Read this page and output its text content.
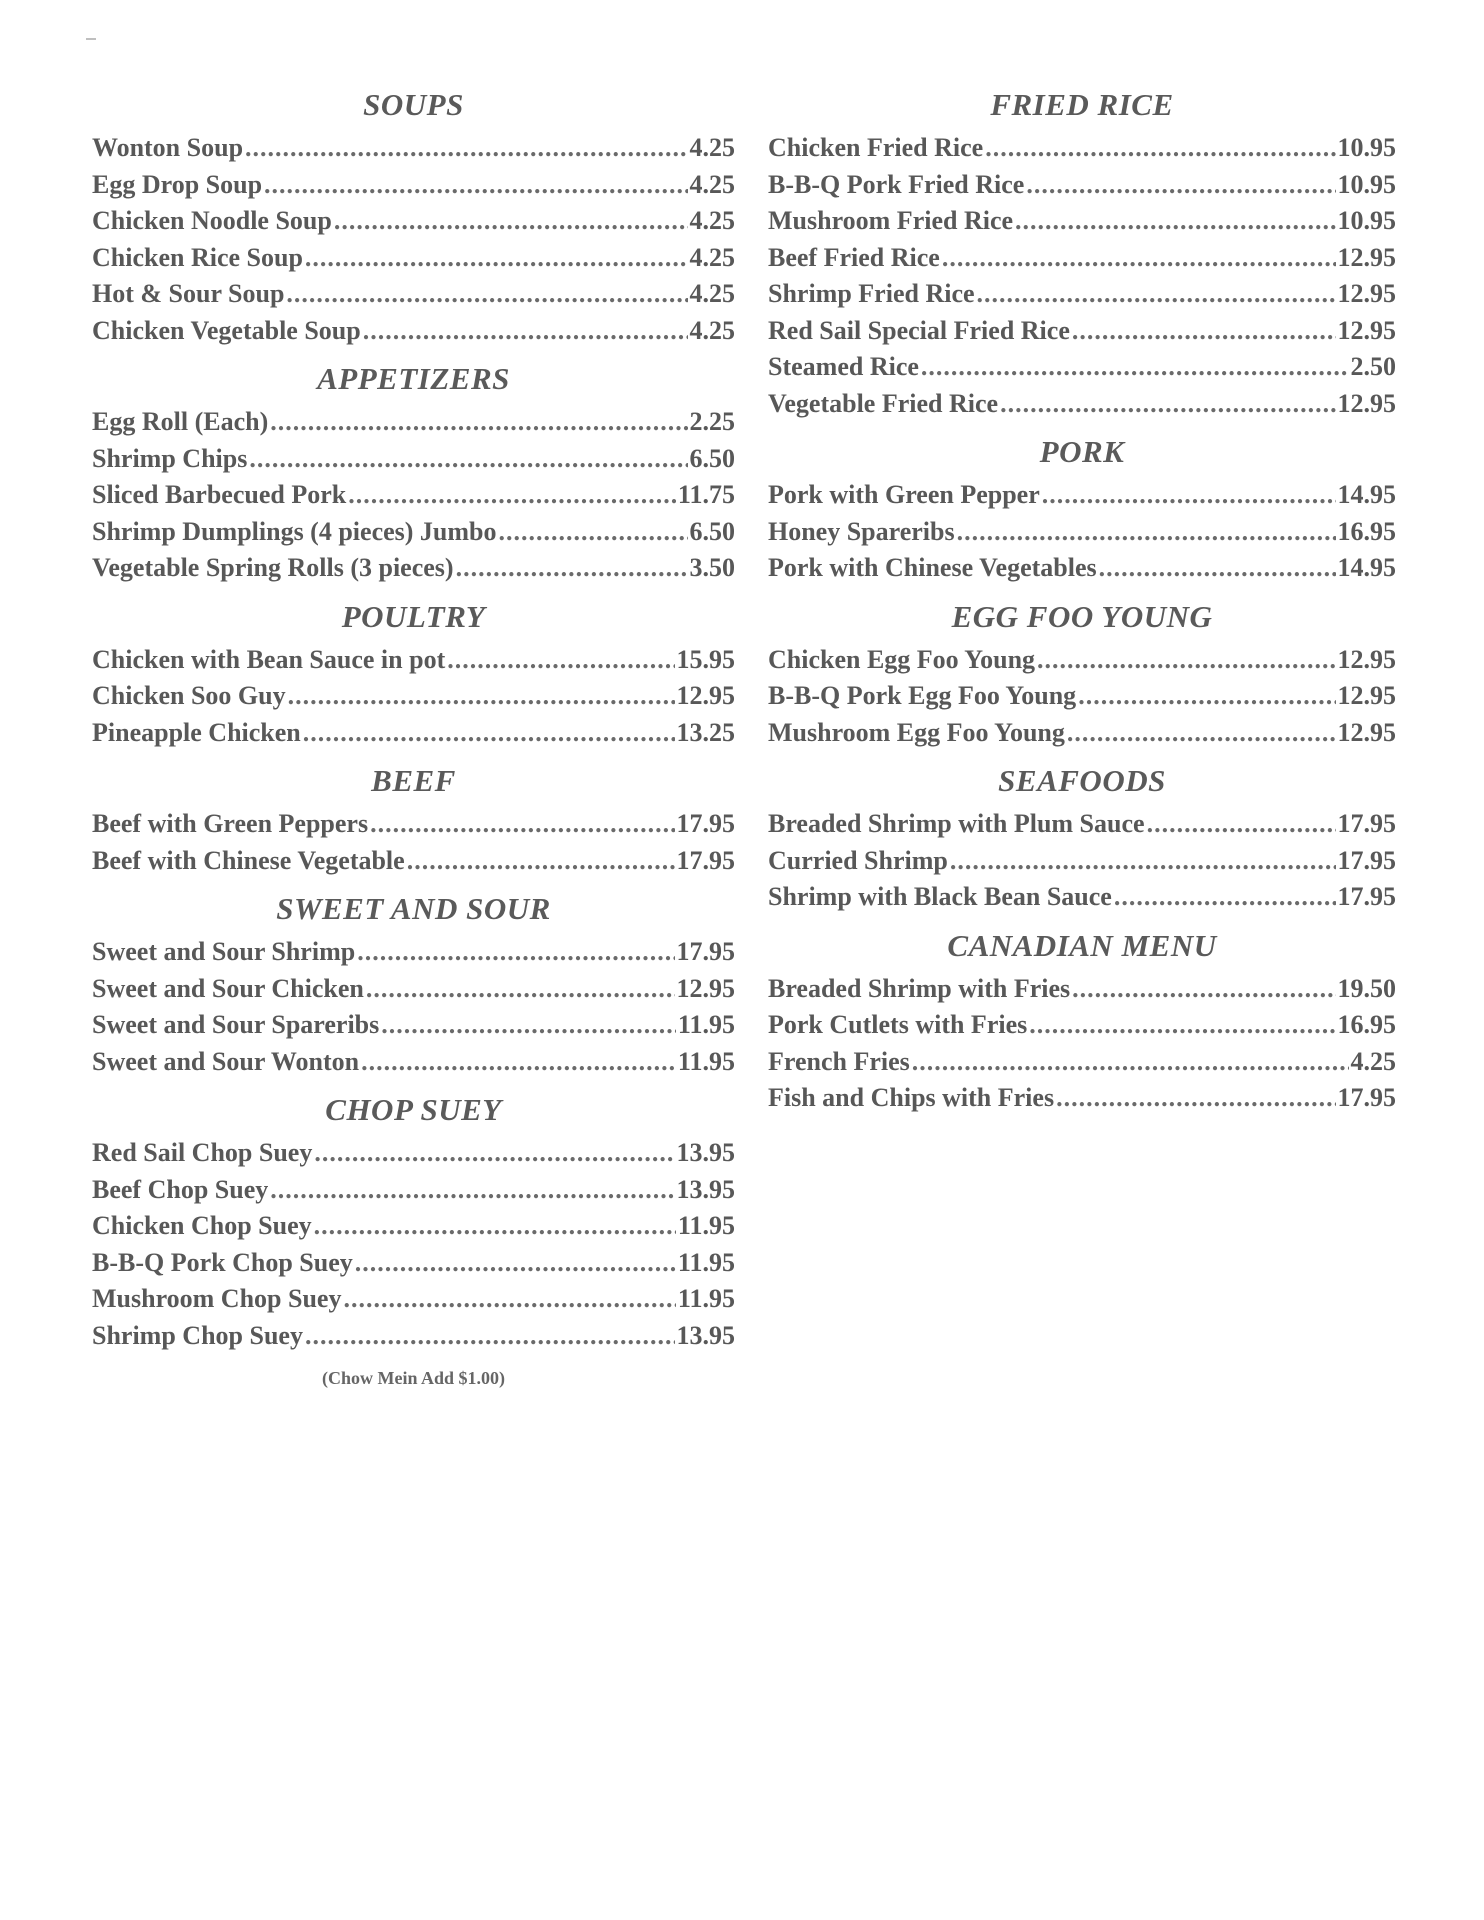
SOUPS
Wonton Soup .....	4.25
Egg Drop Soup .....	4.25
Chicken Noodle Soup .....	4.25
Chicken Rice Soup .....	4.25
Hot & Sour Soup .....	4.25
Chicken Vegetable Soup .....	4.25
APPETIZERS
Egg Roll (Each) .....	2.25
Shrimp Chips .....	6.50
Sliced Barbecued Pork .....	11.75
Shrimp Dumplings (4 pieces) Jumbo .....	6.50
Vegetable Spring Rolls (3 pieces) .....	3.50
POULTRY
Chicken with Bean Sauce in pot .....	15.95
Chicken Soo Guy .....	12.95
Pineapple Chicken .....	13.25
BEEF
Beef with Green Peppers .....	17.95
Beef with Chinese Vegetable .....	17.95
SWEET AND SOUR
Sweet and Sour Shrimp .....	17.95
Sweet and Sour Chicken .....	12.95
Sweet and Sour Spareribs .....	11.95
Sweet and Sour Wonton .....	11.95
CHOP SUEY
Red Sail Chop Suey .....	13.95
Beef Chop Suey .....	13.95
Chicken Chop Suey .....	11.95
B-B-Q Pork Chop Suey .....	11.95
Mushroom Chop Suey .....	11.95
Shrimp Chop Suey .....	13.95
(Chow Mein Add $1.00)
FRIED RICE
Chicken Fried Rice .....	10.95
B-B-Q Pork Fried Rice .....	10.95
Mushroom Fried Rice .....	10.95
Beef Fried Rice .....	12.95
Shrimp Fried Rice .....	12.95
Red Sail Special Fried Rice .....	12.95
Steamed Rice .....	2.50
Vegetable Fried Rice .....	12.95
PORK
Pork with Green Pepper .....	14.95
Honey Spareribs .....	16.95
Pork with Chinese Vegetables .....	14.95
EGG FOO YOUNG
Chicken Egg Foo Young .....	12.95
B-B-Q Pork Egg Foo Young .....	12.95
Mushroom Egg Foo Young .....	12.95
SEAFOODS
Breaded Shrimp with Plum Sauce .....	17.95
Curried Shrimp .....	17.95
Shrimp with Black Bean Sauce .....	17.95
CANADIAN MENU
Breaded Shrimp with Fries .....	19.50
Pork Cutlets with Fries .....	16.95
French Fries .....	4.25
Fish and Chips with Fries .....	17.95
